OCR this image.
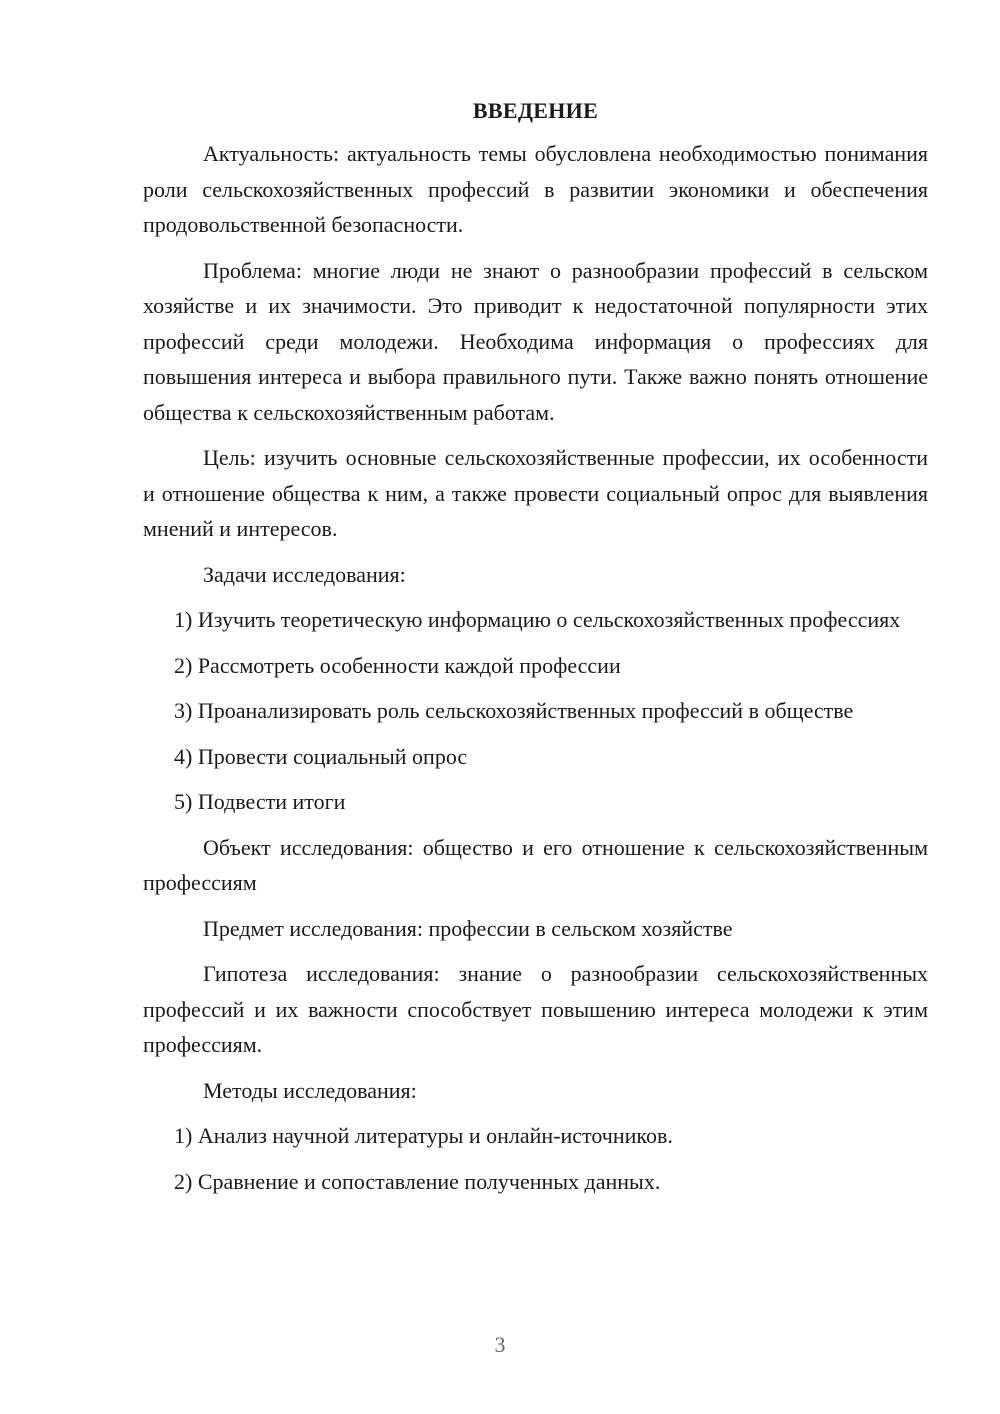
ВВЕДЕНИЕ

Актуальность: актуальность темы обусловлена необходимостью понимания роли сельскохозяйственных профессий в развитии экономики и обеспечения продовольственной безопасности.

Проблема: многие люди не знают о разнообразии профессий в сельском хозяйстве и их значимости. Это приводит к недостаточной популярности этих профессий среди молодежи. Необходима информация о профессиях для повышения интереса и выбора правильного пути. Также важно понять отношение общества к сельскохозяйственным работам.

Цель: изучить основные сельскохозяйственные профессии, их особенности и отношение общества к ним, а также провести социальный опрос для выявления мнений и интересов.

Задачи исследования:

1) Изучить теоретическую информацию о сельскохозяйственных профессиях

2) Рассмотреть особенности каждой профессии

3) Проанализировать роль сельскохозяйственных профессий в обществе

4) Провести социальный опрос

5) Подвести итоги

Объект исследования: общество и его отношение к сельскохозяйственным профессиям

Предмет исследования: профессии в сельском хозяйстве

Гипотеза исследования: знание о разнообразии сельскохозяйственных профессий и их важности способствует повышению интереса молодежи к этим профессиям.

Методы исследования:

1) Анализ научной литературы и онлайн-источников.

2) Сравнение и сопоставление полученных данных.

3
